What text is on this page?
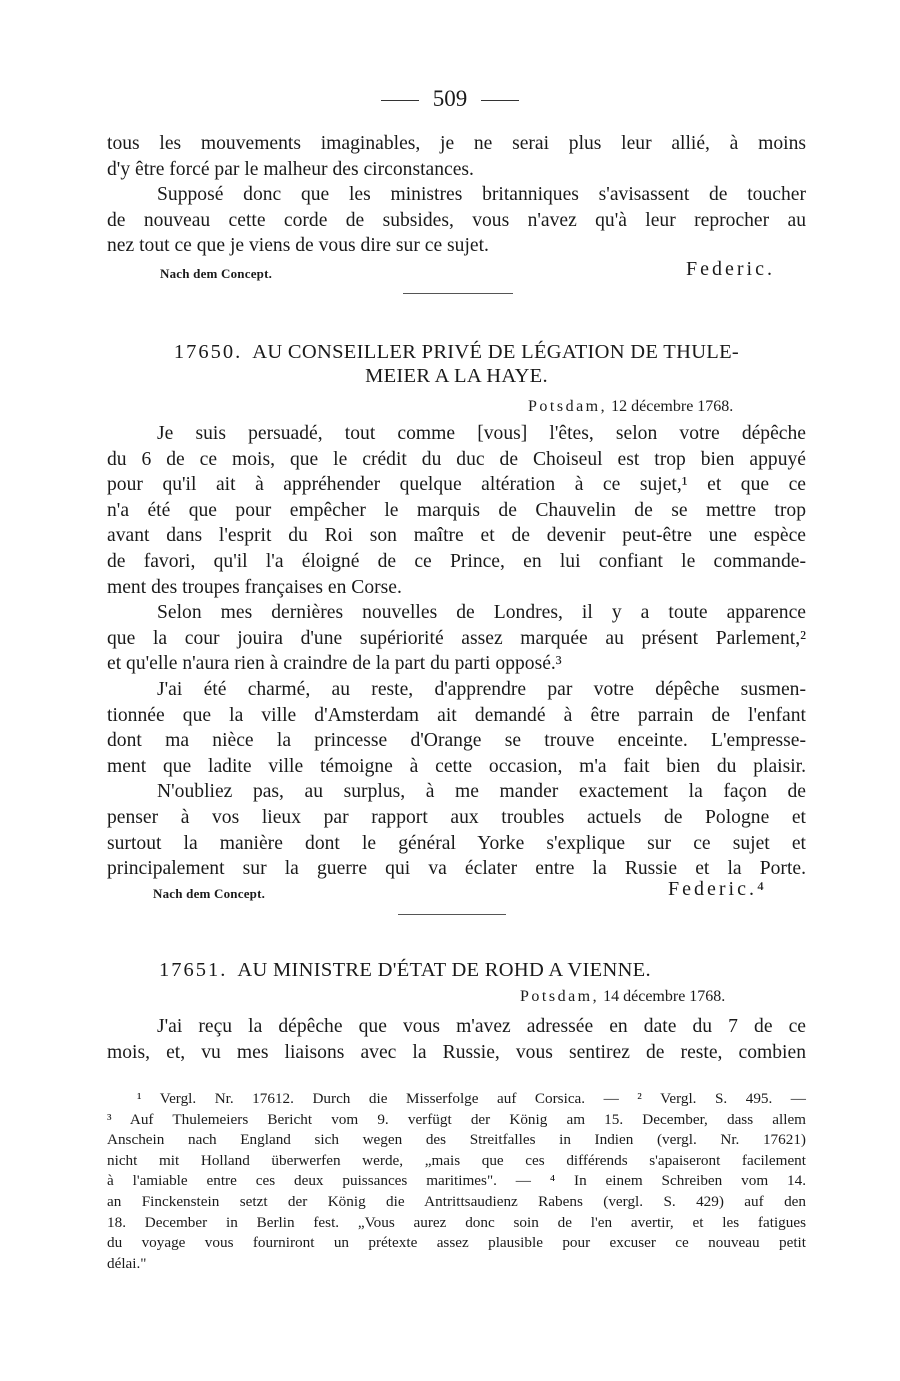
509
tous les mouvements imaginables, je ne serai plus leur allié, à moins
d'y être forcé par le malheur des circonstances.
Supposé donc que les ministres britanniques s'avisassent de toucher
de nouveau cette corde de subsides, vous n'avez qu'à leur reprocher au
nez tout ce que je viens de vous dire sur ce sujet.
Nach dem Concept.	Federic.
17650. AU CONSEILLER PRIVÉ DE LÉGATION DE THULE-
MEIER A LA HAYE.
Potsdam, 12 décembre 1768.
Je suis persuadé, tout comme [vous] l'êtes, selon votre dépêche
du 6 de ce mois, que le crédit du duc de Choiseul est trop bien appuyé
pour qu'il ait à appréhender quelque altération à ce sujet,¹ et que ce
n'a été que pour empêcher le marquis de Chauvelin de se mettre trop
avant dans l'esprit du Roi son maître et de devenir peut-être une espèce
de favori, qu'il l'a éloigné de ce Prince, en lui confiant le commande-
ment des troupes françaises en Corse.
Selon mes dernières nouvelles de Londres, il y a toute apparence
que la cour jouira d'une supériorité assez marquée au présent Parlement,²
et qu'elle n'aura rien à craindre de la part du parti opposé.³
J'ai été charmé, au reste, d'apprendre par votre dépêche susmen-
tionnée que la ville d'Amsterdam ait demandé à être parrain de l'enfant
dont ma nièce la princesse d'Orange se trouve enceinte. L'empresse-
ment que ladite ville témoigne à cette occasion, m'a fait bien du plaisir.
N'oubliez pas, au surplus, à me mander exactement la façon de
penser à vos lieux par rapport aux troubles actuels de Pologne et
surtout la manière dont le général Yorke s'explique sur ce sujet et
principalement sur la guerre qui va éclater entre la Russie et la Porte.
Nach dem Concept.	Federic.⁴
17651. AU MINISTRE D'ÉTAT DE ROHD A VIENNE.
Potsdam, 14 décembre 1768.
J'ai reçu la dépêche que vous m'avez adressée en date du 7 de ce
mois, et, vu mes liaisons avec la Russie, vous sentirez de reste, combien
¹ Vergl. Nr. 17612. Durch die Misserfolge auf Corsica. — ² Vergl. S. 495. —
³ Auf Thulemeiers Bericht vom 9. verfügt der König am 15. December, dass allem
Anschein nach England sich wegen des Streitfalles in Indien (vergl. Nr. 17621)
nicht mit Holland überwerfen werde, „mais que ces différends s'apaiseront facilement
à l'amiable entre ces deux puissances maritimes". — ⁴ In einem Schreiben vom 14.
an Finckenstein setzt der König die Antrittsaudienz Rabens (vergl. S. 429) auf den
18. December in Berlin fest. „Vous aurez donc soin de l'en avertir, et les fatigues
du voyage vous fourniront un prétexte assez plausible pour excuser ce nouveau petit
délai."
